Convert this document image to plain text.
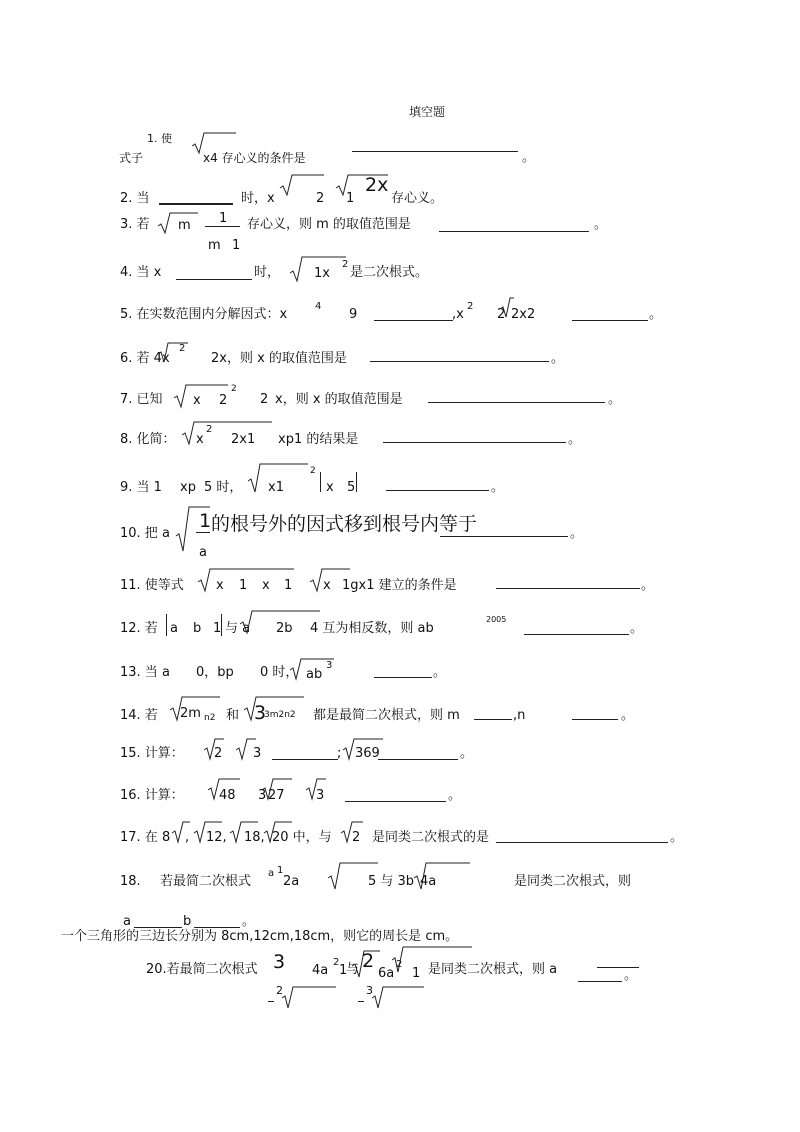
填空题
1. 使
式子	x4 存心义的条件是	。
2. 当	时，x	2 1
2x
存心义。
3. 若 m 1 存心义，则 m 的取值范围是	。
m 1
4. 当 x	时，	1x
2
是二次根式。
5. 在实数范围内分解因式：x
4
9	,x
2
2 2x2	。
6. 若 4x
2
2x，则 x 的取值范围是	。
7. 已知 x 2
2
2 x，则 x 的取值范围是	。
8. 化简： x
2
2x1 xp1 的结果是	。
9. 当 1 xp 5 时， x1
2
x 5	。
10. 把 a
1 的根号外的因式移到根号内等于	。
a
11. 使等式 x 1 x 1 x 1gx1 建立的条件是	。
12. 若 a b 1 与 a 2b 4 互为相反数，则 ab
2005
。
13. 当 a 0，bp 0 时， ab
3	。
14. 若 2m n2 和 3
3m2n2 都是最简二次根式，则 m	,n	。
15. 计算： 2 3	; 369	。
16. 计算：	48 3 27 3	。
17. 在 8 , 12, 18, 20 中，与 2 是同类二次根式的是	。
18. 若最简二次根式
a 1
2a	5 与 3b 4a	是同类二次根式，则
a	b	。
一个三角形的三边长分别为 8cm,12cm,18cm，则它的周长是 cm。
20.若最简二次根式 3 4a
2
1
与 2
6a
2
1 是同类二次根式，则 a	。
2	3
